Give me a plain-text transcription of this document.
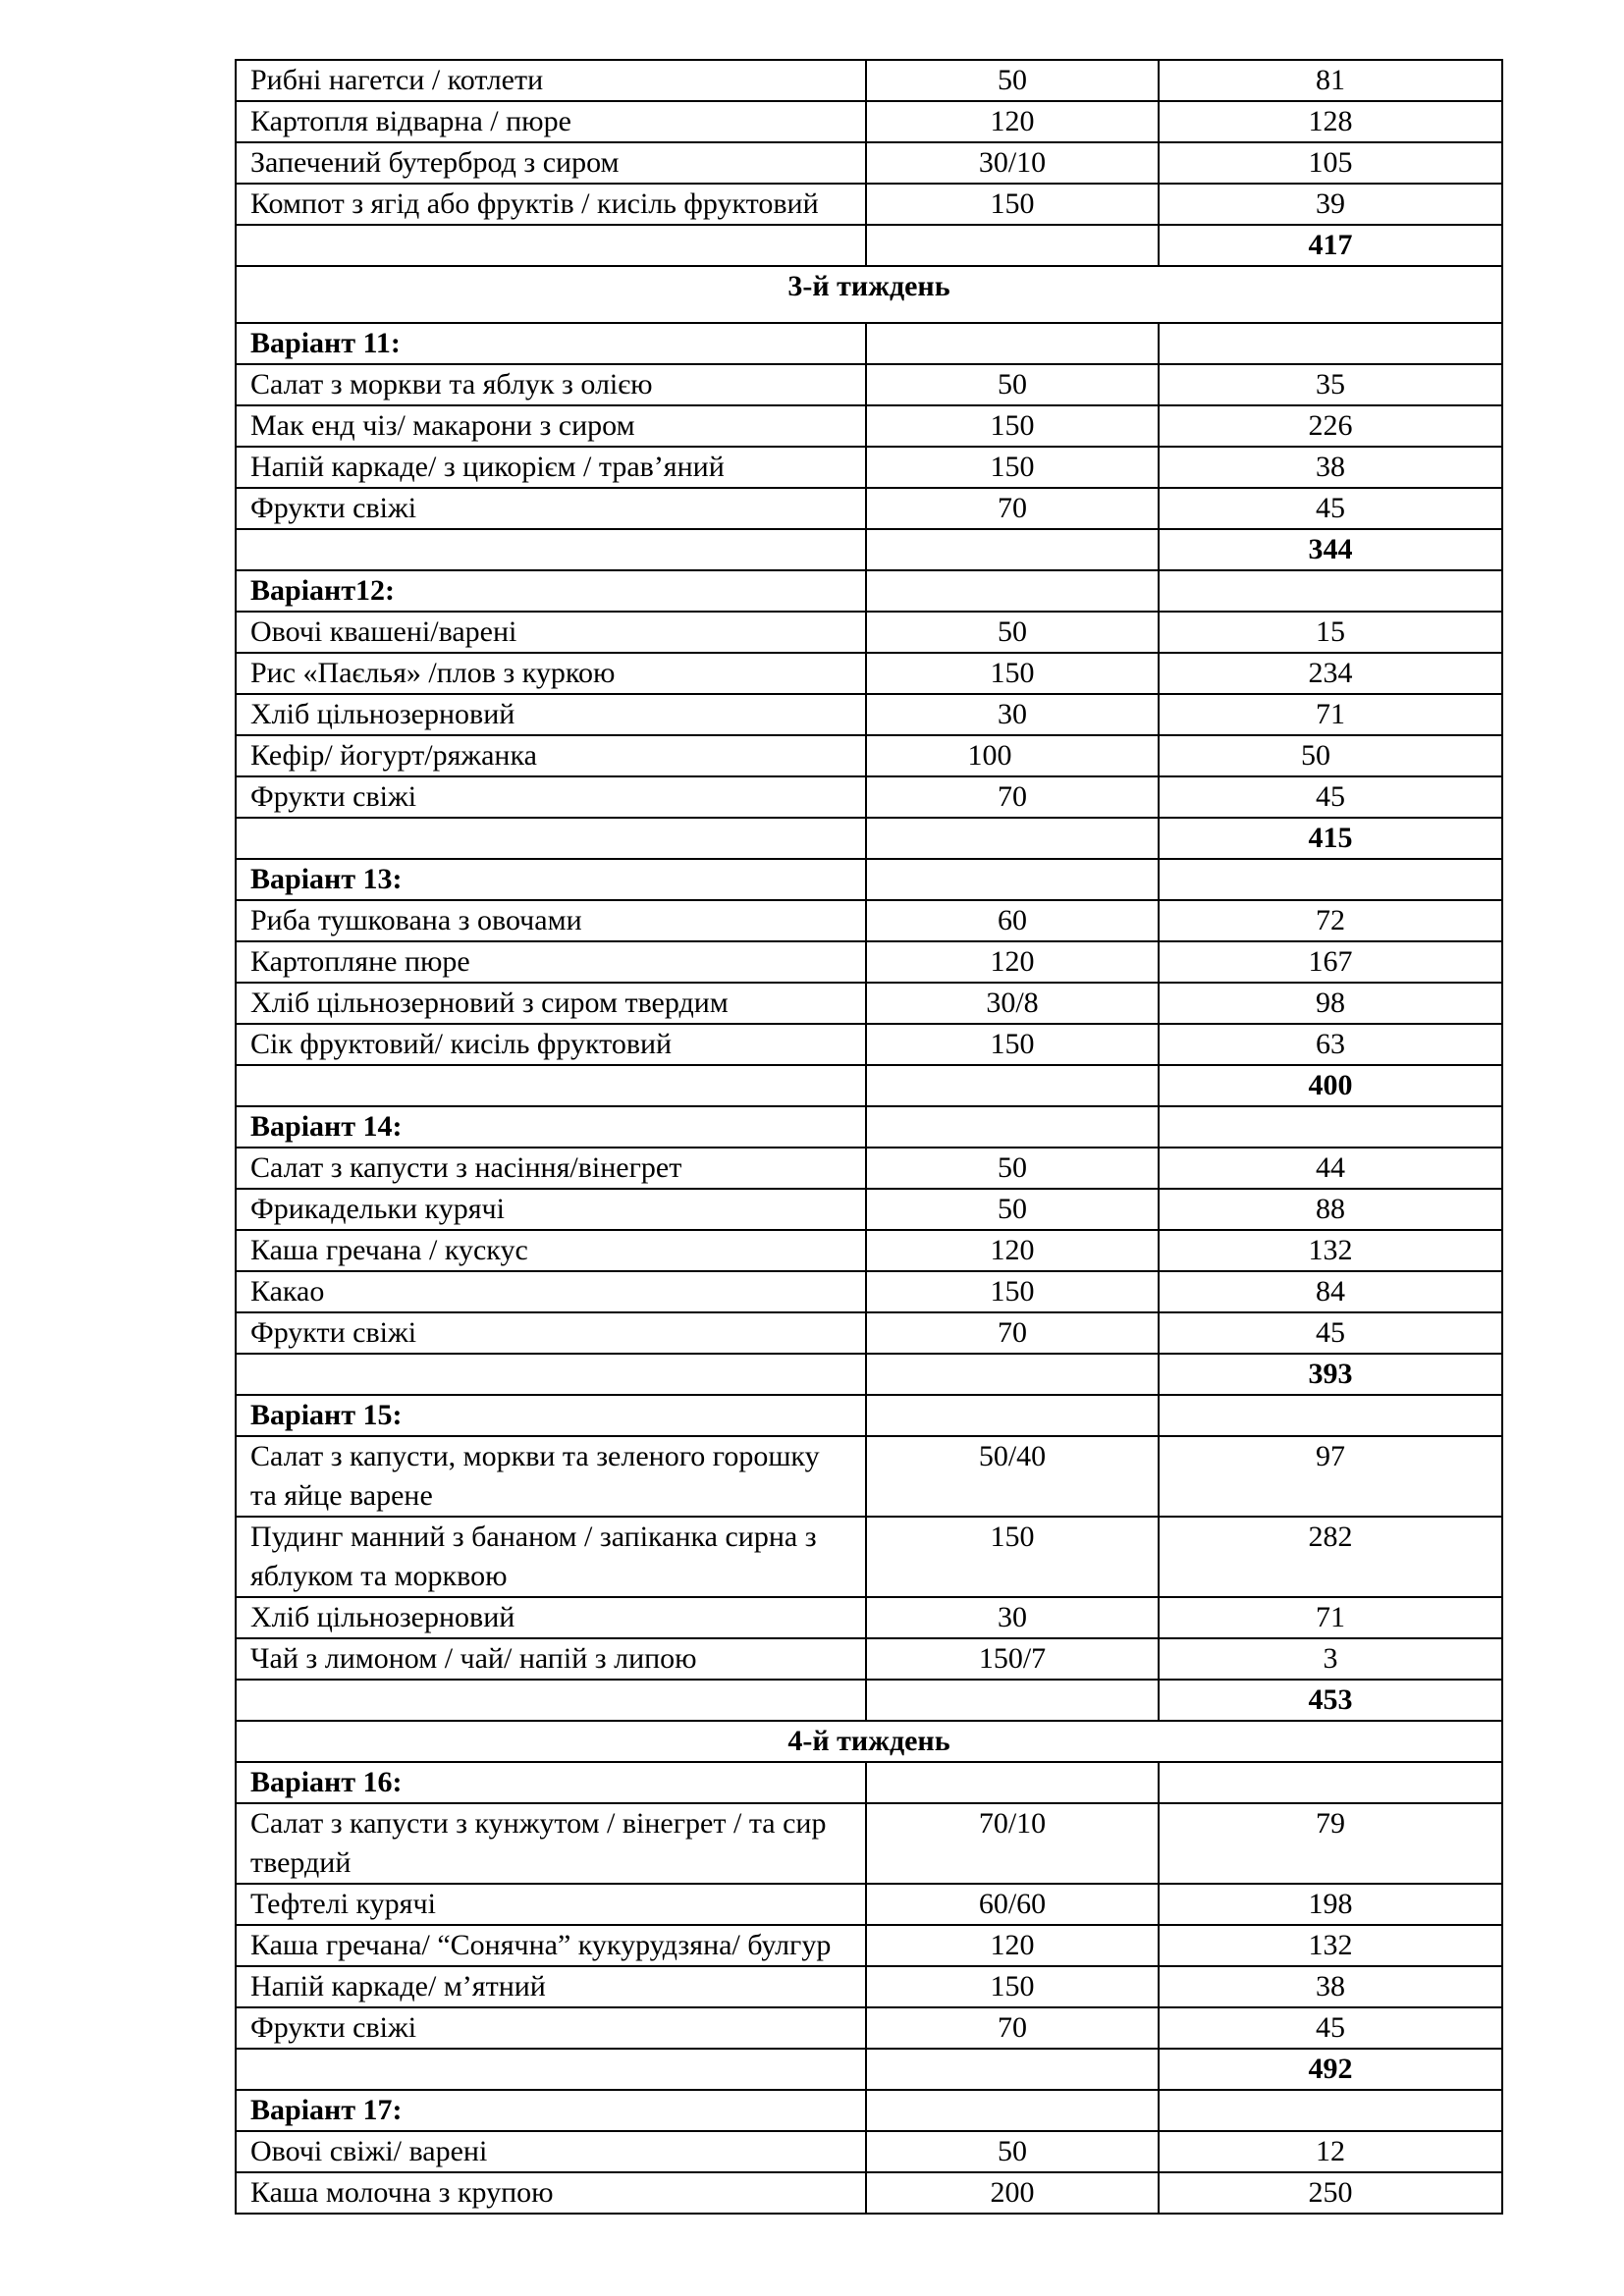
Рибні нагетси / котлети	50	81
Картопля відварна / пюре	120	128
Запечений бутерброд з сиром	30/10	105
Компот з ягід або фруктів / кисіль фруктовий	150	39
		417
3-й тиждень		
Варіант 11:		
Салат з моркви та яблук з олією	50	35
Мак енд чіз/ макарони з сиром	150	226
Напій каркаде/ з цикорієм / трав’яний	150	38
Фрукти свіжі	70	45
		344
Варіант12:		
Овочі квашені/варені	50	15
Рис «Паєлья» /плов з куркою	150	234
Хліб цільнозерновий	30	71
Кефір/ йогурт/ряжанка	100	50
Фрукти свіжі	70	45
		415
Варіант 13:		
Риба тушкована з овочами	60	72
Картопляне пюре	120	167
Хліб цільнозерновий з сиром твердим	30/8	98
Сік фруктовий/ кисіль фруктовий	150	63
		400
Варіант 14:		
Салат з капусти з насіння/вінегрет	50	44
Фрикадельки курячі	50	88
Каша гречана / кускус	120	132
Какао	150	84
Фрукти свіжі	70	45
		393
Варіант 15:		
Салат з капусти, моркви та зеленого горошку та яйце варене	50/40	97
Пудинг манний з бананом / запіканка сирна з яблуком та морквою	150	282
Хліб цільнозерновий	30	71
Чай з лимоном / чай/ напій з липою	150/7	3
		453
4-й тиждень		
Варіант 16:		
Салат з капусти з кунжутом / вінегрет / та сир твердий	70/10	79
Тефтелі курячі	60/60	198
Каша гречана/ “Сонячна” кукурудзяна/ булгур	120	132
Напій каркаде/ м’ятний	150	38
Фрукти свіжі	70	45
		492
Варіант 17:		
Овочі свіжі/ варені	50	12
Каша молочна з крупою	200	250
